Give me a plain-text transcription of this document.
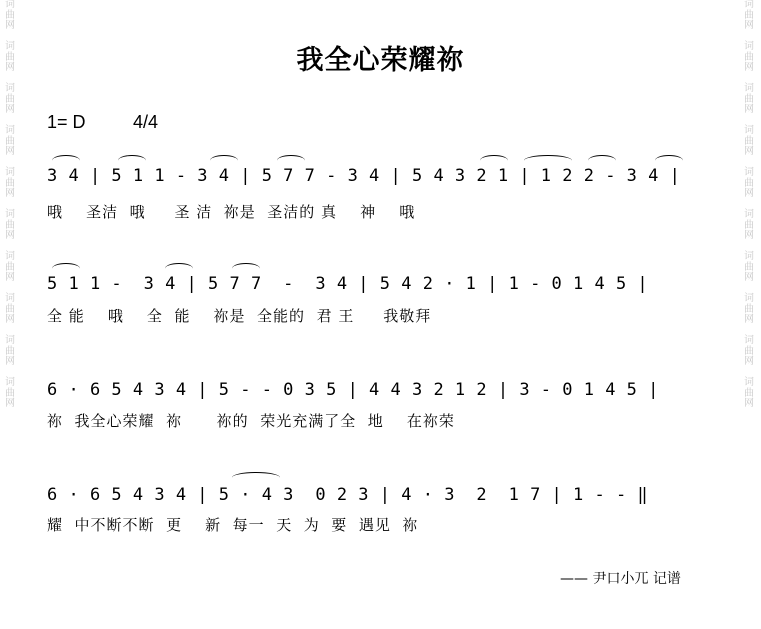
词
曲
网

词
曲
网

词
曲
网

词
曲
网

词
曲
网

词
曲
网

词
曲
网

词
曲
网

词
曲
网

词
曲
网
词
曲
网

词
曲
网

词
曲
网

词
曲
网

词
曲
网

词
曲
网

词
曲
网

词
曲
网

词
曲
网

词
曲
网
我全心荣耀祢
1= D	4/4
3 4 | 5 1 1 - 3 4 | 5 7 7 - 3 4 | 5 4 3 2 1 | 1 2 2 - 3 4 |
哦    圣洁  哦     圣 洁  祢是  圣洁的 真    神    哦
5 1 1 -  3 4 | 5 7 7  -  3 4 | 5 4 2 · 1 | 1 - 0 1 4 5 |
全 能    哦    全  能    祢是  全能的  君 王     我敬拜
6 · 6 5 4 3 4 | 5 - - 0 3 5 | 4 4 3 2 1 2 | 3 - 0 1 4 5 |
祢  我全心荣耀  祢      祢的  荣光充满了全  地    在祢荣
6 · 6 5 4 3 4 | 5 · 4 3  0 2 3 | 4 · 3  2  1 7 | 1 - - ‖
耀  中不断不断  更    新  每一  天  为  要  遇见  祢
—— 尹口小兀 记谱
